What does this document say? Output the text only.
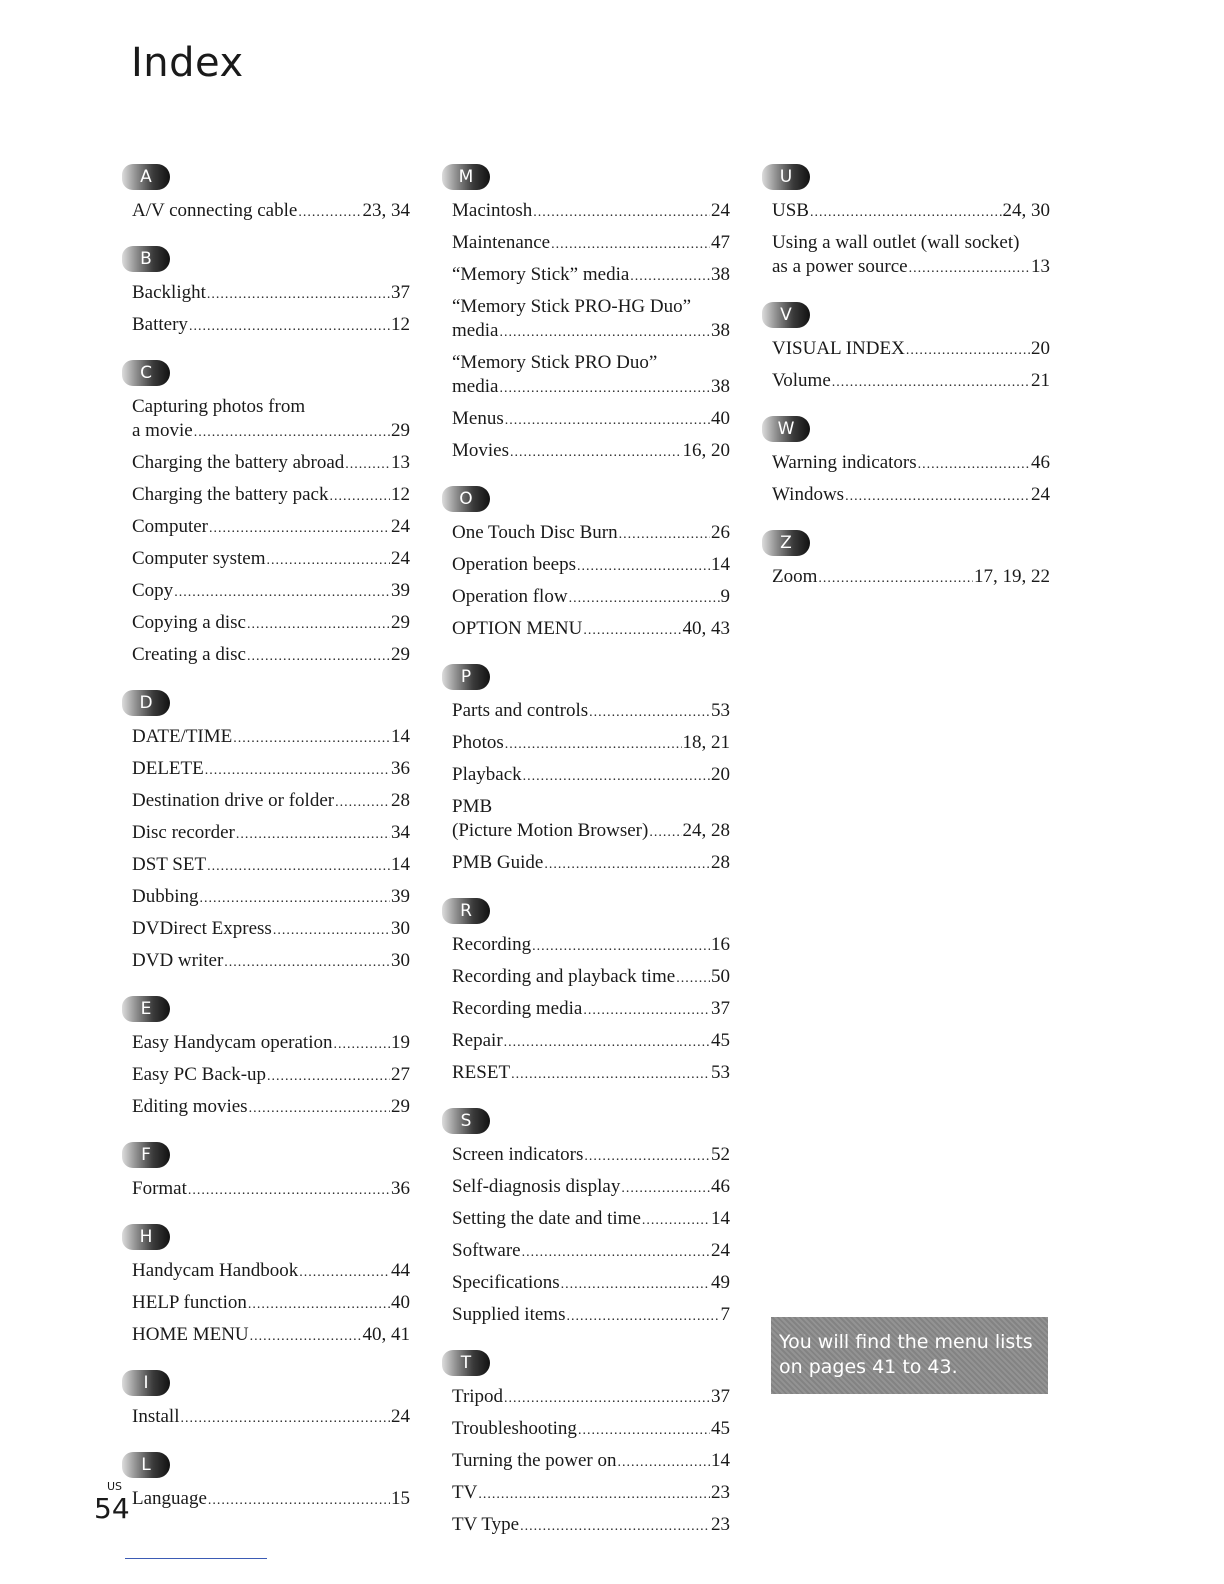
Index
A
A/V connecting cable .....	23, 34
B
Backlight .....	37
Battery .....	12
C
Capturing photos from
a movie .....	29
Charging the battery abroad ..... 13
Charging the battery pack .....	12
Computer .....	24
Computer system .....	24
Copy .....	39
Copying a disc .....	29
Creating a disc .....	29
D
DATE/TIME .....	14
DELETE .....	36
Destination drive or folder .....	28
Disc recorder .....	34
DST SET .....	14
Dubbing .....	39
DVDirect Express .....	30
DVD writer .....	30
E
Easy Handycam operation .....	19
Easy PC Back-up .....	27
Editing movies .....	29
F
Format .....	36
H
Handycam Handbook .....	44
HELP function .....	40
HOME MENU .....	40, 41
I
Install .....	24
L
Language .....	15
M
Macintosh .....	24
Maintenance .....	47
“Memory Stick” media .....	38
“Memory Stick PRO-HG Duo”
media .....	38
“Memory Stick PRO Duo”
media .....	38
Menus .....	40
Movies .....	16, 20
O
One Touch Disc Burn .....	26
Operation beeps .....	14
Operation flow .....	9
OPTION MENU .....	40, 43
P
Parts and controls .....	53
Photos .....	18, 21
Playback .....	20
PMB
(Picture Motion Browser) ..... 24, 28
PMB Guide .....	28
R
Recording .....	16
Recording and playback time ..... 50
Recording media .....	37
Repair .....	45
RESET .....	53
S
Screen indicators .....	52
Self-diagnosis display .....	46
Setting the date and time .....	14
Software .....	24
Specifications .....	49
Supplied items .....	7
T
Tripod .....	37
Troubleshooting .....	45
Turning the power on .....	14
TV .....	23
TV Type .....	23
U
USB .....	24, 30
Using a wall outlet (wall socket)
as a power source .....	13
V
VISUAL INDEX .....	20
Volume .....	21
W
Warning indicators .....	46
Windows .....	24
Z
Zoom .....	17, 19, 22
You will find the menu lists
on pages 41 to 43.
US
54
